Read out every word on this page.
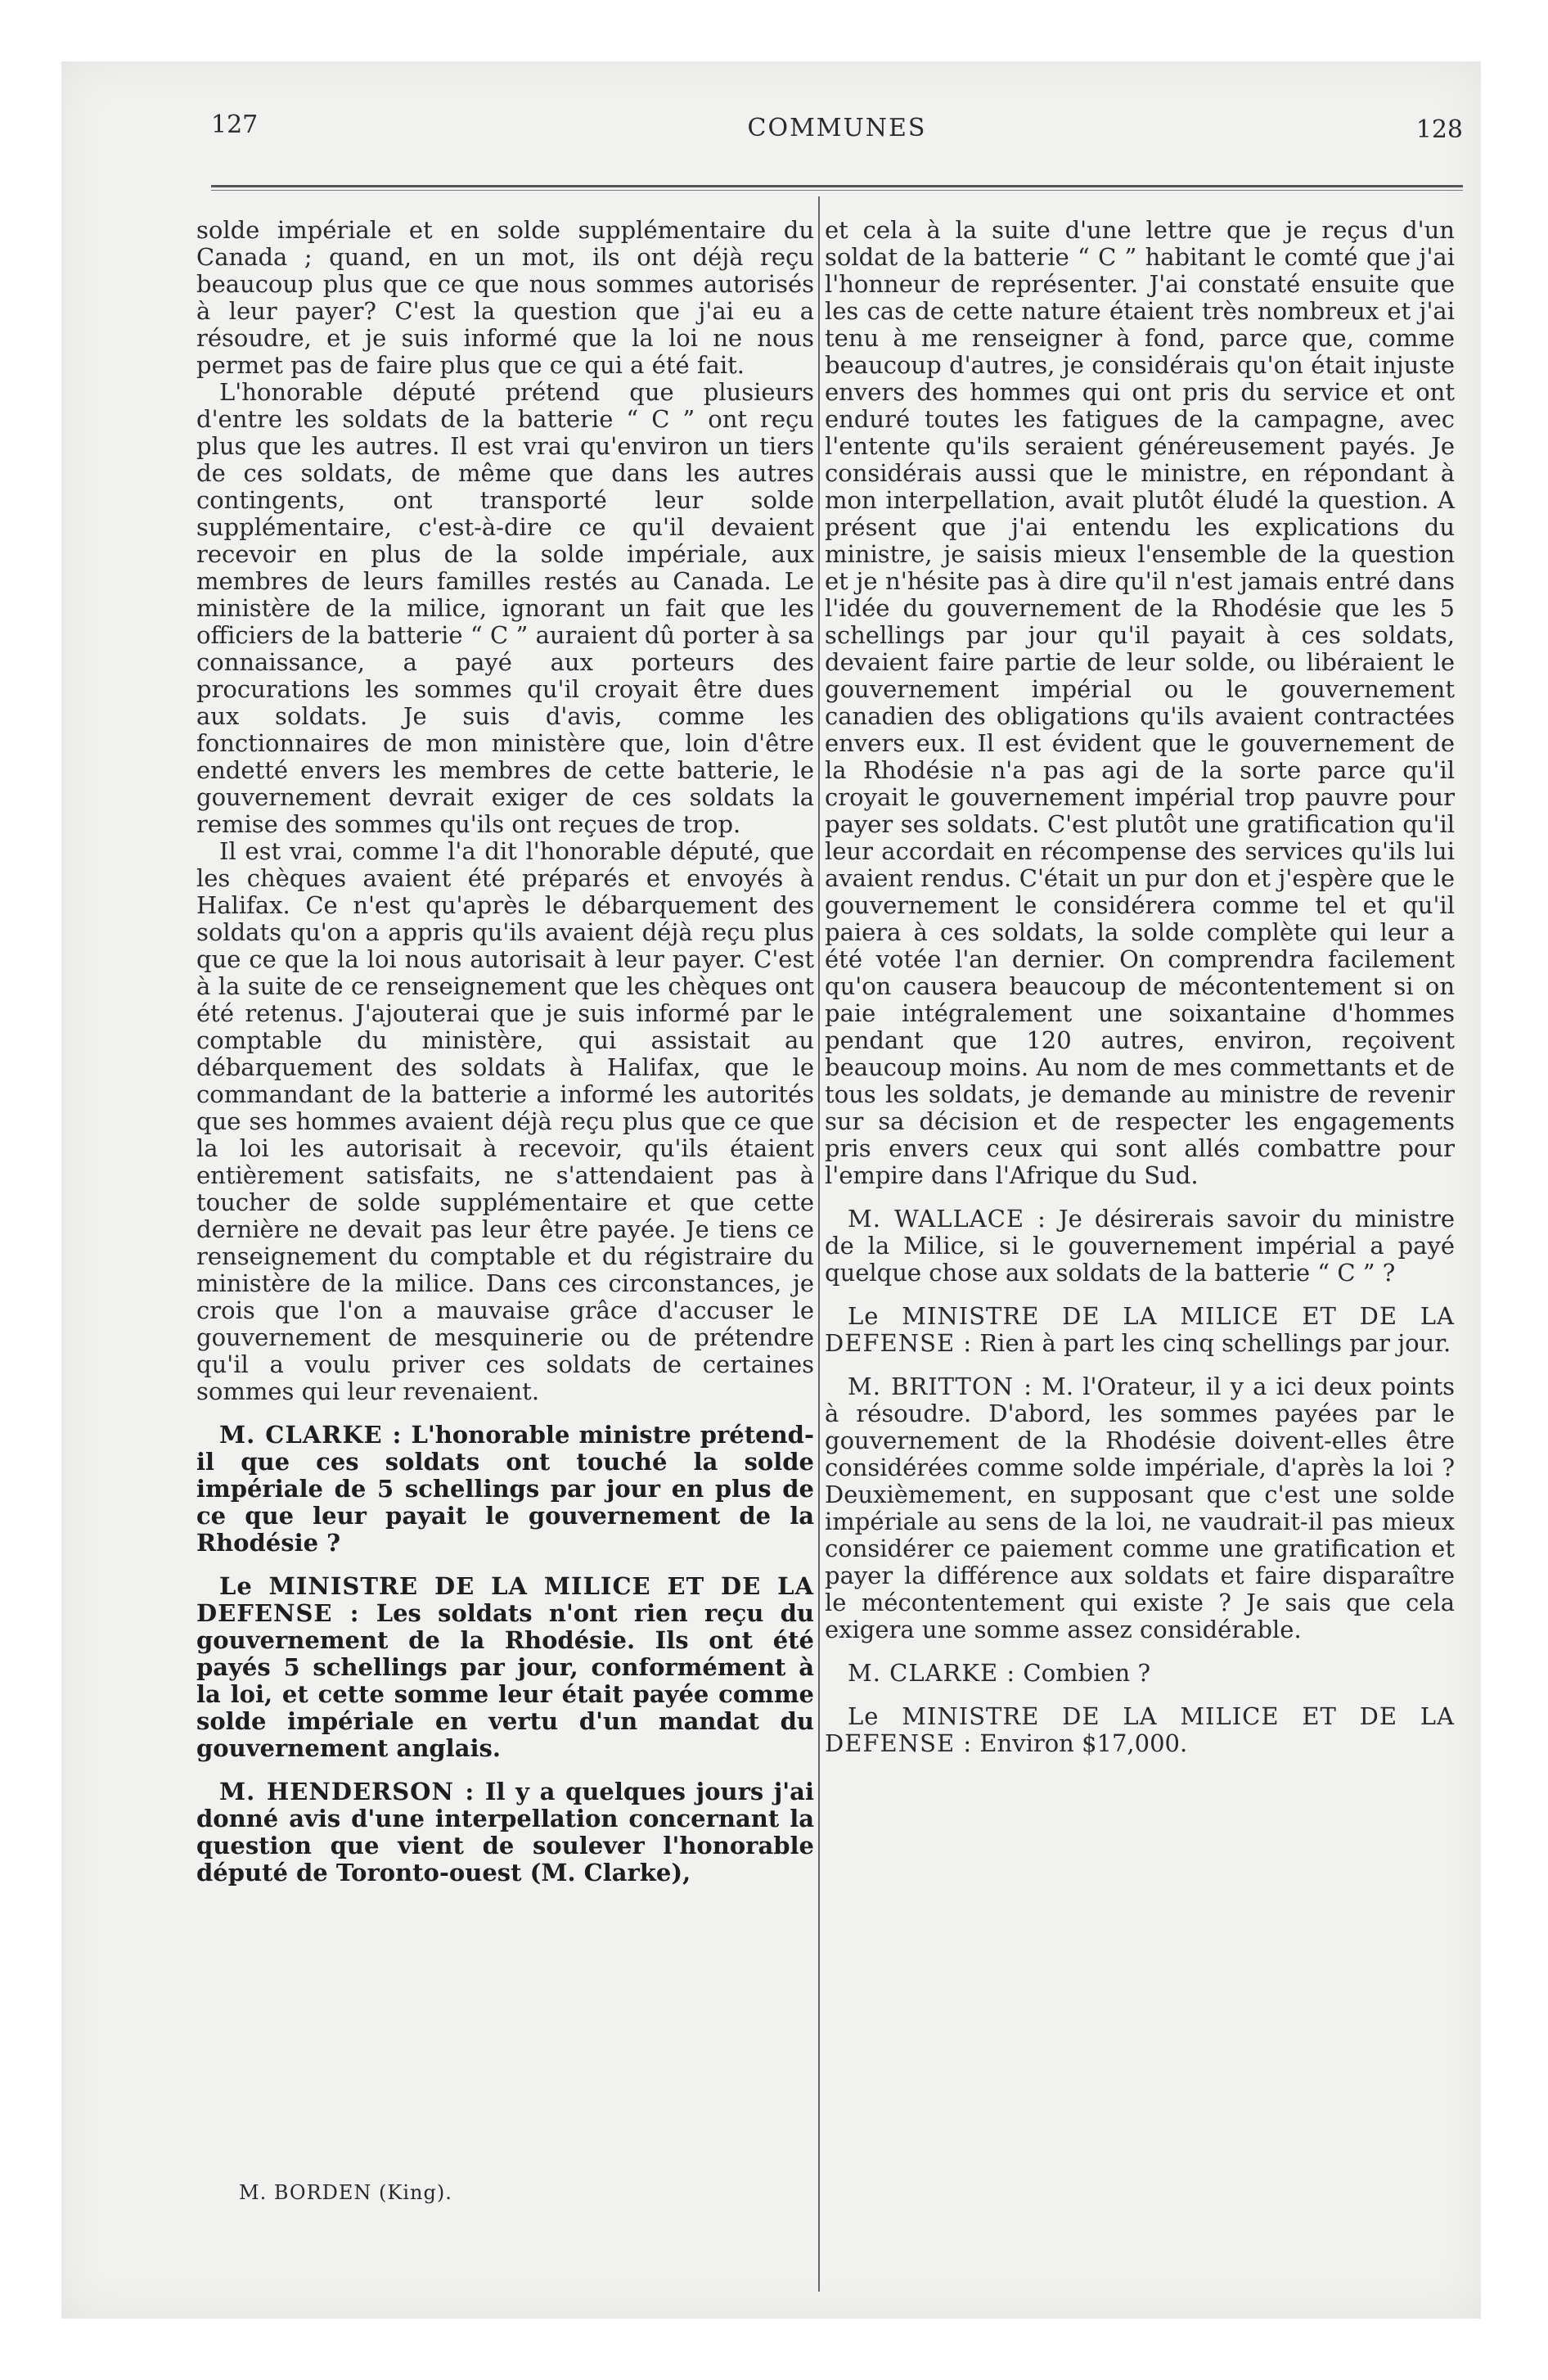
127	COMMUNES	128

solde impériale et en solde supplémentaire du Canada ; quand, en un mot, ils ont déjà reçu beaucoup plus que ce que nous sommes autorisés à leur payer? C'est la question que j'ai eu a résoudre, et je suis informé que la loi ne nous permet pas de faire plus que ce qui a été fait.

L'honorable député prétend que plusieurs d'entre les soldats de la batterie “ C ” ont reçu plus que les autres. Il est vrai qu'environ un tiers de ces soldats, de même que dans les autres contingents, ont transporté leur solde supplémentaire, c'est-à-dire ce qu'il devaient recevoir en plus de la solde impériale, aux membres de leurs familles restés au Canada. Le ministère de la milice, ignorant un fait que les officiers de la batterie “ C ” auraient dû porter à sa connaissance, a payé aux porteurs des procurations les sommes qu'il croyait être dues aux soldats. Je suis d'avis, comme les fonctionnaires de mon ministère que, loin d'être endetté envers les membres de cette batterie, le gouvernement devrait exiger de ces soldats la remise des sommes qu'ils ont reçues de trop.

Il est vrai, comme l'a dit l'honorable député, que les chèques avaient été préparés et envoyés à Halifax. Ce n'est qu'après le débarquement des soldats qu'on a appris qu'ils avaient déjà reçu plus que ce que la loi nous autorisait à leur payer. C'est à la suite de ce renseignement que les chèques ont été retenus. J'ajouterai que je suis informé par le comptable du ministère, qui assistait au débarquement des soldats à Halifax, que le commandant de la batterie a informé les autorités que ses hommes avaient déjà reçu plus que ce que la loi les autorisait à recevoir, qu'ils étaient entièrement satisfaits, ne s'attendaient pas à toucher de solde supplémentaire et que cette dernière ne devait pas leur être payée. Je tiens ce renseignement du comptable et du régistraire du ministère de la milice. Dans ces circonstances, je crois que l'on a mauvaise grâce d'accuser le gouvernement de mesquinerie ou de prétendre qu'il a voulu priver ces soldats de certaines sommes qui leur revenaient.

M. CLARKE : L'honorable ministre prétend-il que ces soldats ont touché la solde impériale de 5 schellings par jour en plus de ce que leur payait le gouvernement de la Rhodésie ?

Le MINISTRE DE LA MILICE ET DE LA DEFENSE : Les soldats n'ont rien reçu du gouvernement de la Rhodésie. Ils ont été payés 5 schellings par jour, conformément à la loi, et cette somme leur était payée comme solde impériale en vertu d'un mandat du gouvernement anglais.

M. HENDERSON : Il y a quelques jours j'ai donné avis d'une interpellation concernant la question que vient de soulever l'honorable député de Toronto-ouest (M. Clarke),

M. BORDEN (King).

et cela à la suite d'une lettre que je reçus d'un soldat de la batterie “ C ” habitant le comté que j'ai l'honneur de représenter. J'ai constaté ensuite que les cas de cette nature étaient très nombreux et j'ai tenu à me renseigner à fond, parce que, comme beaucoup d'autres, je considérais qu'on était injuste envers des hommes qui ont pris du service et ont enduré toutes les fatigues de la campagne, avec l'entente qu'ils seraient généreusement payés. Je considérais aussi que le ministre, en répondant à mon interpellation, avait plutôt éludé la question. A présent que j'ai entendu les explications du ministre, je saisis mieux l'ensemble de la question et je n'hésite pas à dire qu'il n'est jamais entré dans l'idée du gouvernement de la Rhodésie que les 5 schellings par jour qu'il payait à ces soldats, devaient faire partie de leur solde, ou libéraient le gouvernement impérial ou le gouvernement canadien des obligations qu'ils avaient contractées envers eux. Il est évident que le gouvernement de la Rhodésie n'a pas agi de la sorte parce qu'il croyait le gouvernement impérial trop pauvre pour payer ses soldats. C'est plutôt une gratification qu'il leur accordait en récompense des services qu'ils lui avaient rendus. C'était un pur don et j'espère que le gouvernement le considérera comme tel et qu'il paiera à ces soldats, la solde complète qui leur a été votée l'an dernier. On comprendra facilement qu'on causera beaucoup de mécontentement si on paie intégralement une soixantaine d'hommes pendant que 120 autres, environ, reçoivent beaucoup moins. Au nom de mes commettants et de tous les soldats, je demande au ministre de revenir sur sa décision et de respecter les engagements pris envers ceux qui sont allés combattre pour l'empire dans l'Afrique du Sud.

M. WALLACE : Je désirerais savoir du ministre de la Milice, si le gouvernement impérial a payé quelque chose aux soldats de la batterie “ C ” ?

Le MINISTRE DE LA MILICE ET DE LA DEFENSE : Rien à part les cinq schellings par jour.

M. BRITTON : M. l'Orateur, il y a ici deux points à résoudre. D'abord, les sommes payées par le gouvernement de la Rhodésie doivent-elles être considérées comme solde impériale, d'après la loi ? Deuxièmement, en supposant que c'est une solde impériale au sens de la loi, ne vaudrait-il pas mieux considérer ce paiement comme une gratification et payer la différence aux soldats et faire disparaître le mécontentement qui existe ? Je sais que cela exigera une somme assez considérable.

M. CLARKE : Combien ?

Le MINISTRE DE LA MILICE ET DE LA DEFENSE : Environ $17,000.
